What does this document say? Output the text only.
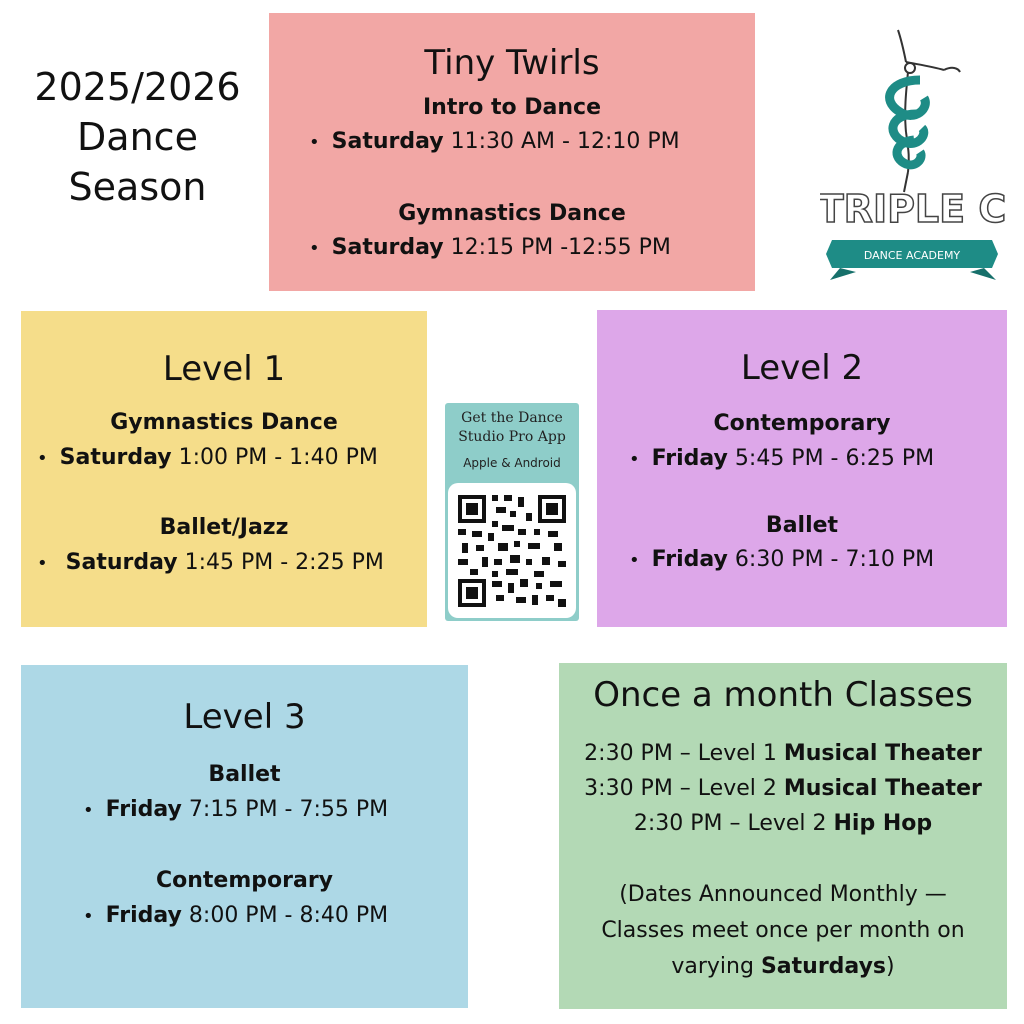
2025/2026
Dance
Season
Tiny Twirls
Intro to Dance
• Saturday 11:30 AM - 12:10 PM
Gymnastics Dance
• Saturday 12:15 PM -12:55 PM
TRIPLE C
DANCE ACADEMY
Level 1
Gymnastics Dance
• Saturday 1:00 PM - 1:40 PM
Ballet/Jazz
• Saturday 1:45 PM - 2:25 PM
Get the Dance
Studio Pro App
Apple & Android
Level 2
Contemporary
• Friday 5:45 PM - 6:25 PM
Ballet
• Friday 6:30 PM - 7:10 PM
Level 3
Ballet
• Friday 7:15 PM - 7:55 PM
Contemporary
• Friday 8:00 PM - 8:40 PM
Once a month Classes
2:30 PM – Level 1 Musical Theater
3:30 PM – Level 2 Musical Theater
2:30 PM – Level 2 Hip Hop
(Dates Announced Monthly —
Classes meet once per month on
varying Saturdays)
